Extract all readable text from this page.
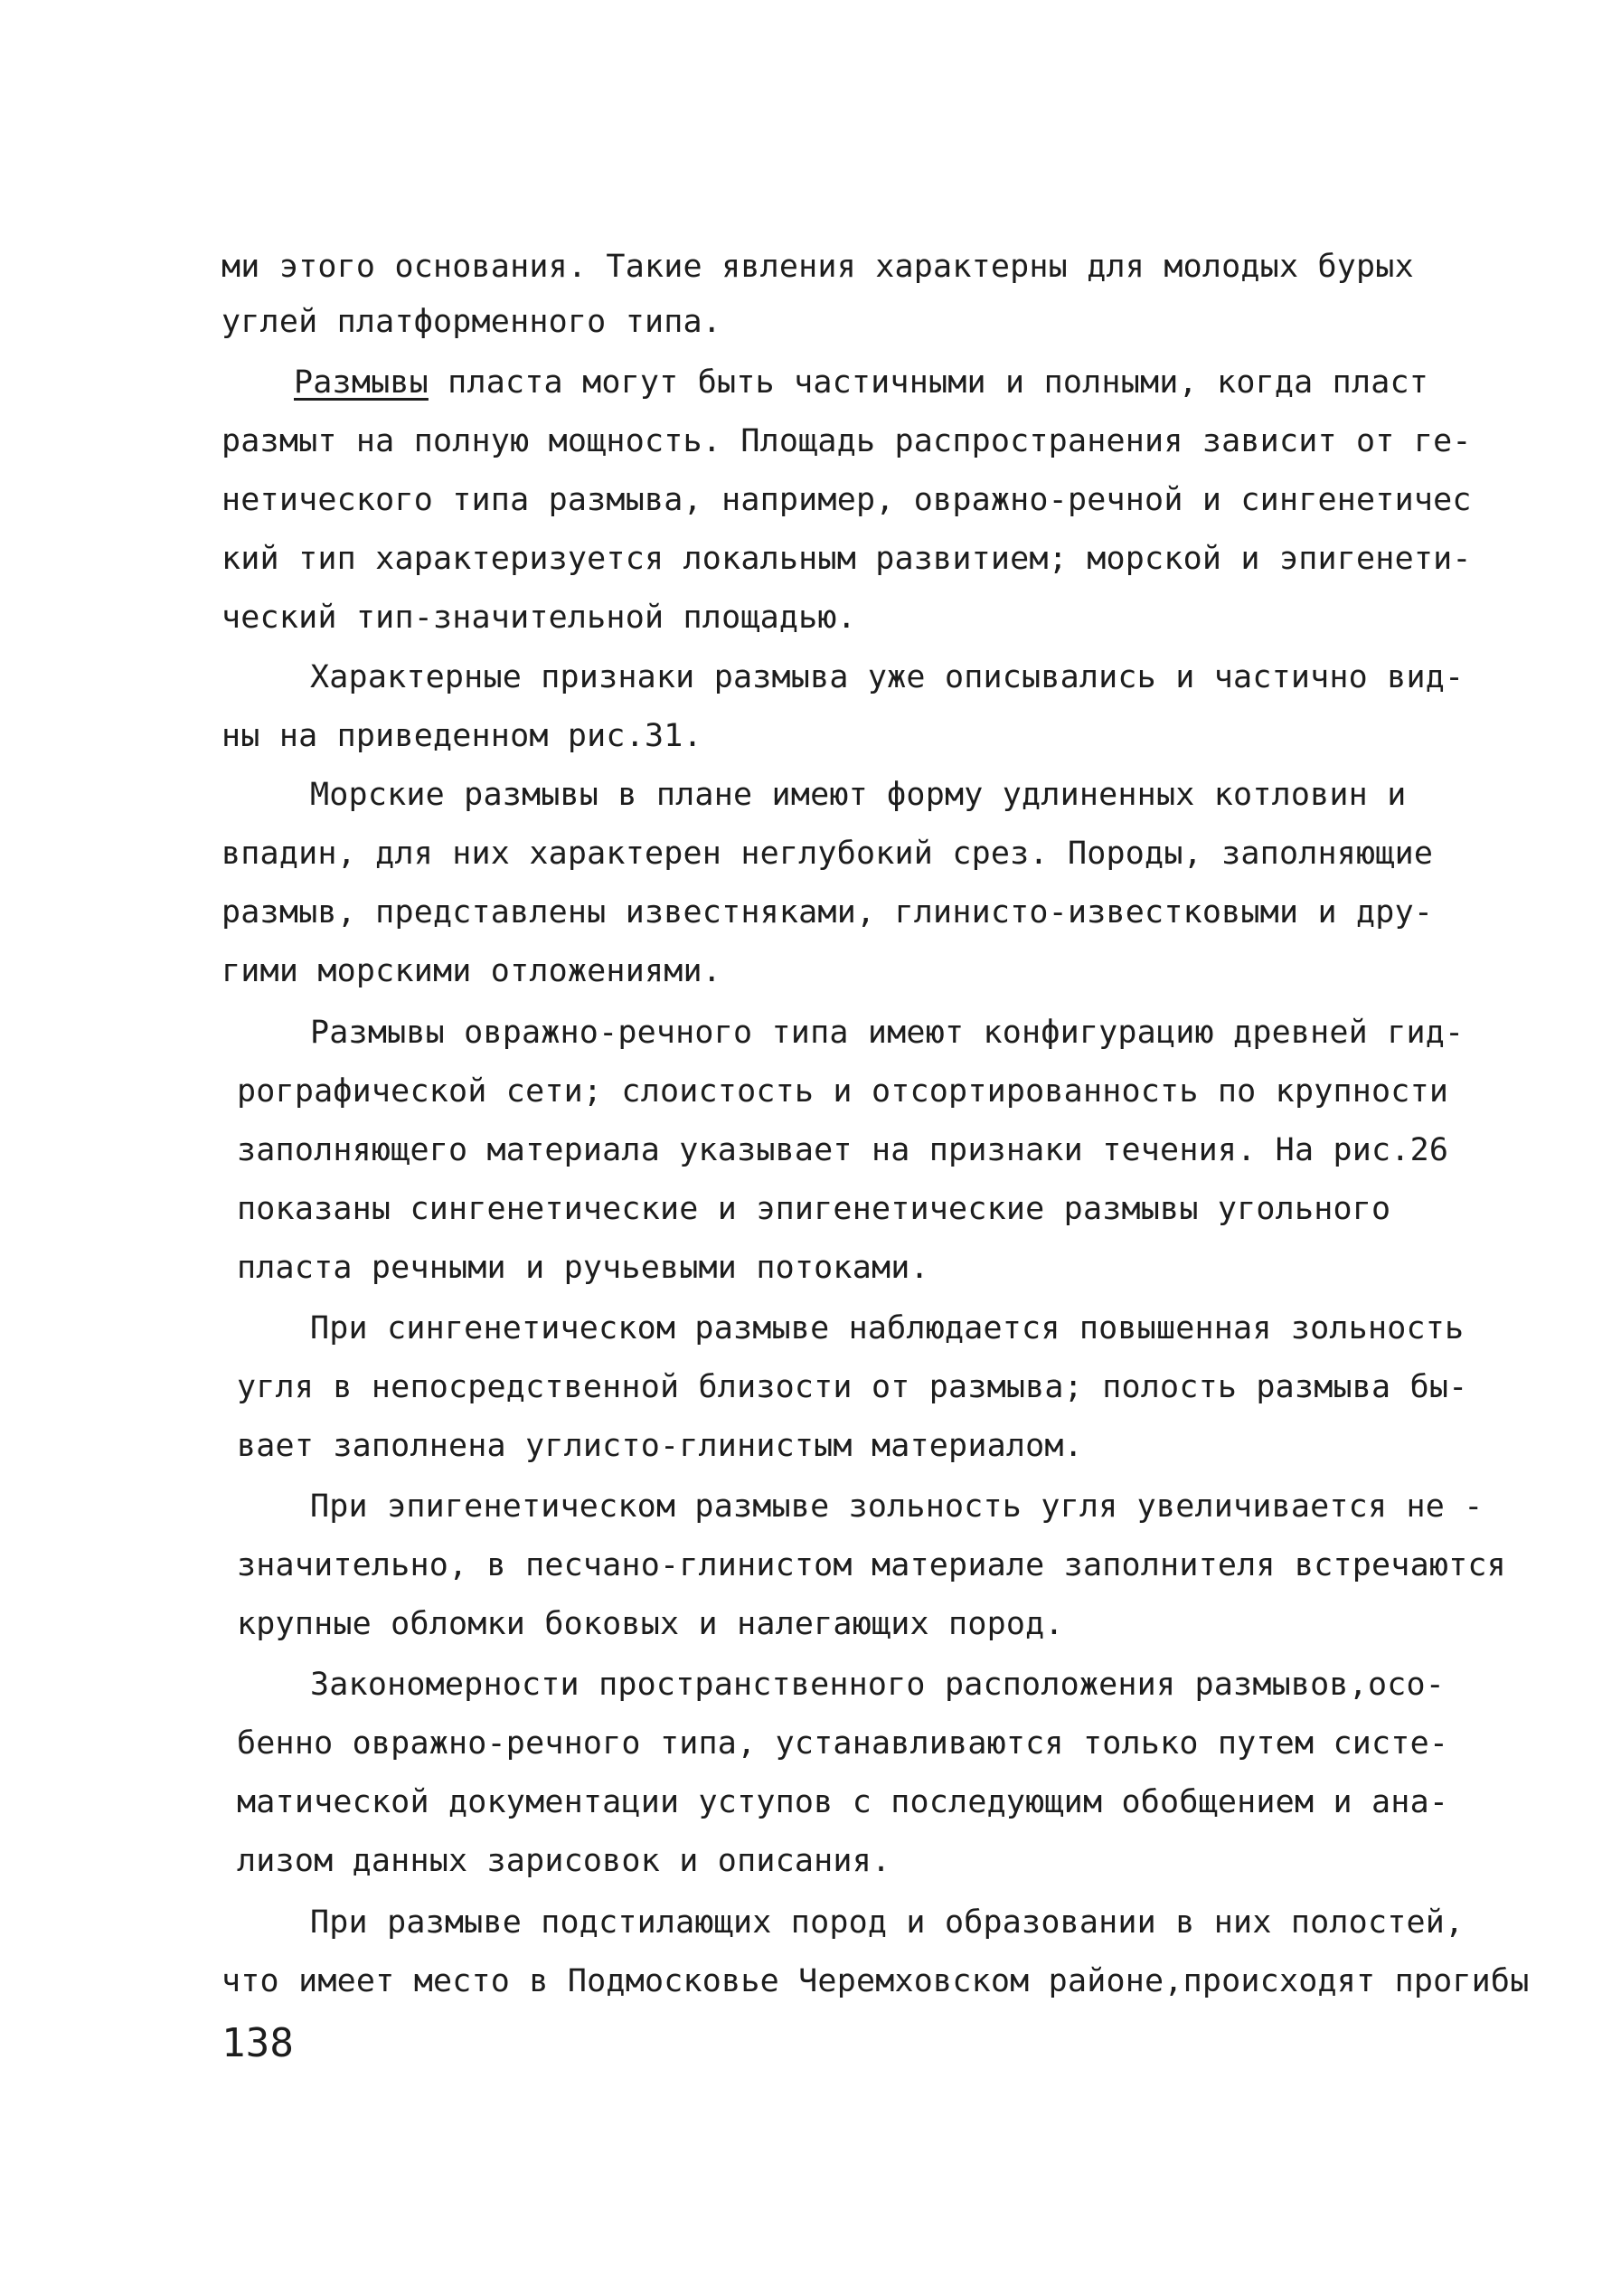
ми этого основания. Такие явления характерны для молодых бурых
углей платформенного типа.
Размывы пласта могут быть частичными и полными, когда пласт
размыт на полную мощность. Площадь распространения зависит от ге-
нетического типа размыва, например, овражно-речной и сингенетичес
кий тип характеризуется локальным развитием; морской и эпигенети-
ческий тип-значительной площадью.
Характерные признаки размыва уже описывались и частично вид-
ны на приведенном рис.31.
Морские размывы в плане имеют форму удлиненных котловин и
впадин, для них характерен неглубокий срез. Породы, заполняющие
размыв, представлены известняками, глинисто-известковыми и дру-
гими морскими отложениями.
Размывы овражно-речного типа имеют конфигурацию древней гид-
рографической сети; слоистость и отсортированность по крупности
заполняющего материала указывает на признаки течения. На рис.26
показаны сингенетические и эпигенетические размывы угольного
пласта речными и ручьевыми потоками.
При сингенетическом размыве наблюдается повышенная зольность
угля в непосредственной близости от размыва; полость размыва бы-
вает заполнена углисто-глинистым материалом.
При эпигенетическом размыве зольность угля увеличивается не -
значительно, в песчано-глинистом материале заполнителя встречаются
крупные обломки боковых и налегающих пород.
Закономерности пространственного расположения размывов,осо-
бенно овражно-речного типа, устанавливаются только путем систе-
матической документации уступов с последующим обобщением и ана-
лизом данных зарисовок и описания.
При размыве подстилающих пород и образовании в них полостей,
что имеет место в Подмосковье Черемховском районе,происходят прогибы
138
